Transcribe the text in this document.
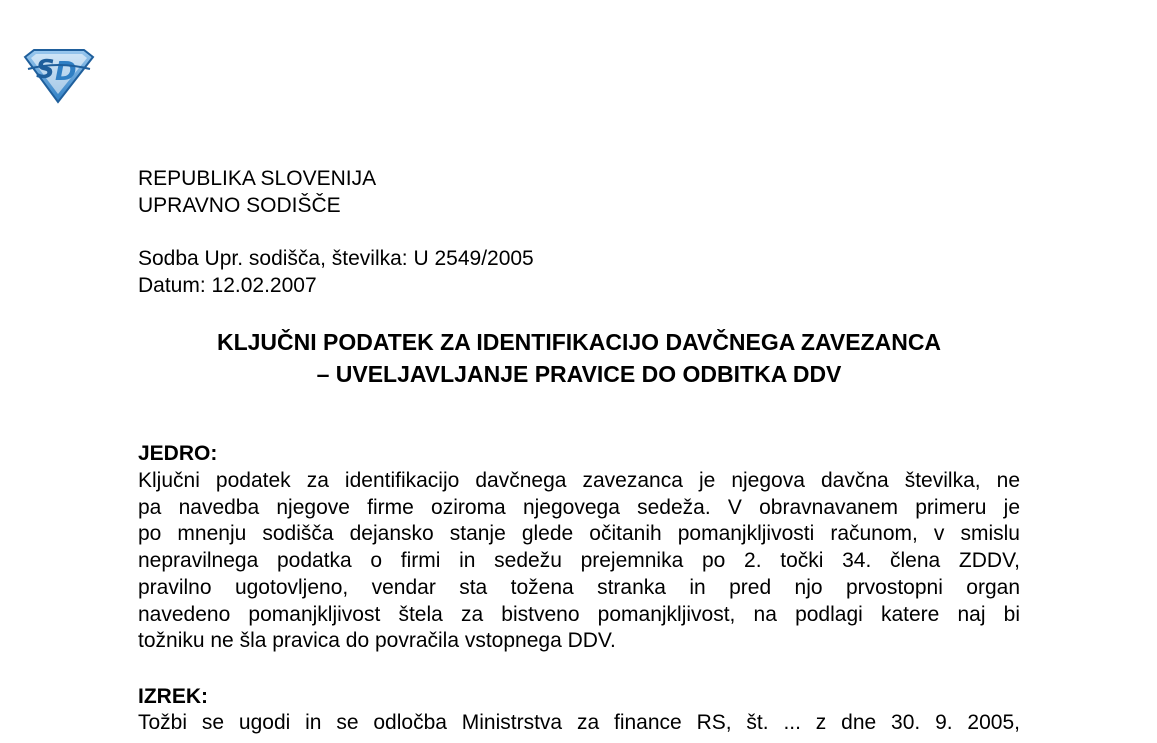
S D
REPUBLIKA SLOVENIJA
UPRAVNO SODIŠČE
Sodba Upr. sodišča, številka: U 2549/2005
Datum: 12.02.2007
KLJUČNI PODATEK ZA IDENTIFIKACIJO DAVČNEGA ZAVEZANCA
– UVELJAVLJANJE PRAVICE DO ODBITKA DDV
JEDRO:
Ključni podatek za identifikacijo davčnega zavezanca je njegova davčna številka, ne
pa navedba njegove firme oziroma njegovega sedeža. V obravnavanem primeru je
po mnenju sodišča dejansko stanje glede očitanih pomanjkljivosti računom, v smislu
nepravilnega podatka o firmi in sedežu prejemnika po 2. točki 34. člena ZDDV,
pravilno ugotovljeno, vendar sta tožena stranka in pred njo prvostopni organ
navedeno pomanjkljivost štela za bistveno pomanjkljivost, na podlagi katere naj bi
tožniku ne šla pravica do povračila vstopnega DDV.
IZREK:
Tožbi se ugodi in se odločba Ministrstva za finance RS, št. ... z dne 30. 9. 2005,
